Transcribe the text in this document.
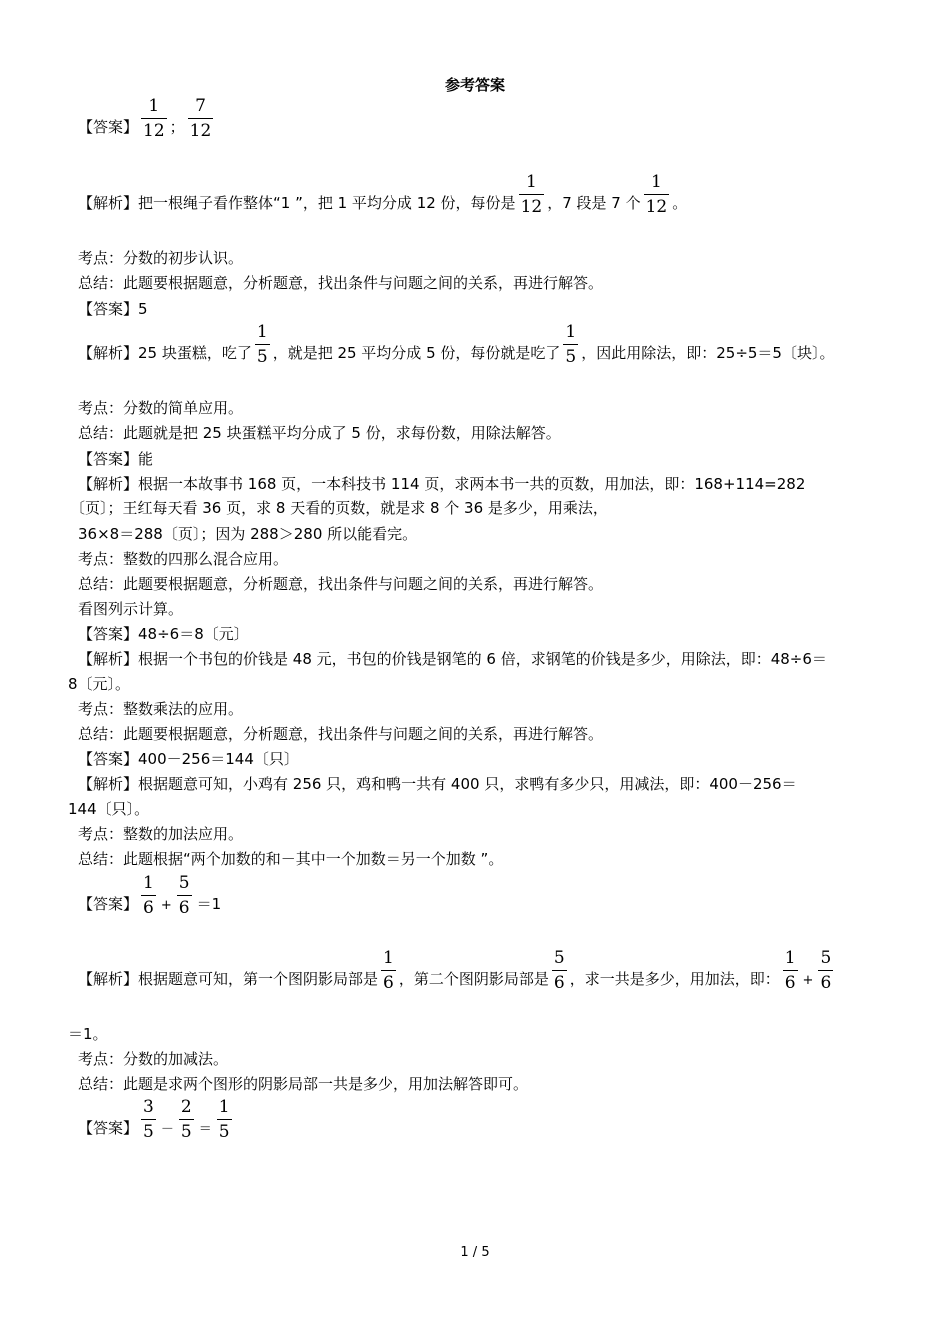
参考答案
【答案】 $\frac{1}{12}$ ； $\frac{7}{12}$
【解析】把一根绳子看作整体“1 ”，把 1 平均分成 12 份，每份是 $\frac{1}{12}$ ，7 段是 7 个 $\frac{1}{12}$ 。
考点：分数的初步认识。
总结：此题要根据题意，分析题意，找出条件与问题之间的关系，再进行解答。
【答案】5
【解析】25 块蛋糕，吃了 $\frac{1}{5}$ ，就是把 25 平均分成 5 份，每份就是吃了 $\frac{1}{5}$ ，因此用除法，即：25÷5＝5〔块〕。
考点：分数的简单应用。
总结：此题就是把 25 块蛋糕平均分成了 5 份，求每份数，用除法解答。
【答案】能
【解析】根据一本故事书 168 页，一本科技书 114 页，求两本书一共的页数，用加法，即：168+114=282
〔页〕；王红每天看 36 页，求 8 天看的页数，就是求 8 个 36 是多少，用乘法，
36×8＝288〔页〕；因为 288＞280 所以能看完。
考点：整数的四那么混合应用。
总结：此题要根据题意，分析题意，找出条件与问题之间的关系，再进行解答。
看图列示计算。
【答案】48÷6＝8〔元〕
【解析】根据一个书包的价钱是 48 元，书包的价钱是钢笔的 6 倍，求钢笔的价钱是多少，用除法，即：48÷6＝
8〔元〕。
考点：整数乘法的应用。
总结：此题要根据题意，分析题意，找出条件与问题之间的关系，再进行解答。
【答案】400－256＝144〔只〕
【解析】根据题意可知，小鸡有 256 只，鸡和鸭一共有 400 只，求鸭有多少只，用减法，即：400－256＝
144〔只〕。
考点：整数的加法应用。
总结：此题根据“两个加数的和－其中一个加数＝另一个加数 ”。
【答案】 $\frac{1}{6} + \frac{5}{6} =1$
【解析】根据题意可知，第一个图阴影局部是 $\frac{1}{6}$ ，第二个图阴影局部是 $\frac{5}{6}$ ，求一共是多少，用加法，即： $\frac{1}{6} + \frac{5}{6}$
＝1。
考点：分数的加减法。
总结：此题是求两个图形的阴影局部一共是多少，用加法解答即可。
【答案】 $\frac{3}{5} - \frac{2}{5} = \frac{1}{5}$
1 / 5
